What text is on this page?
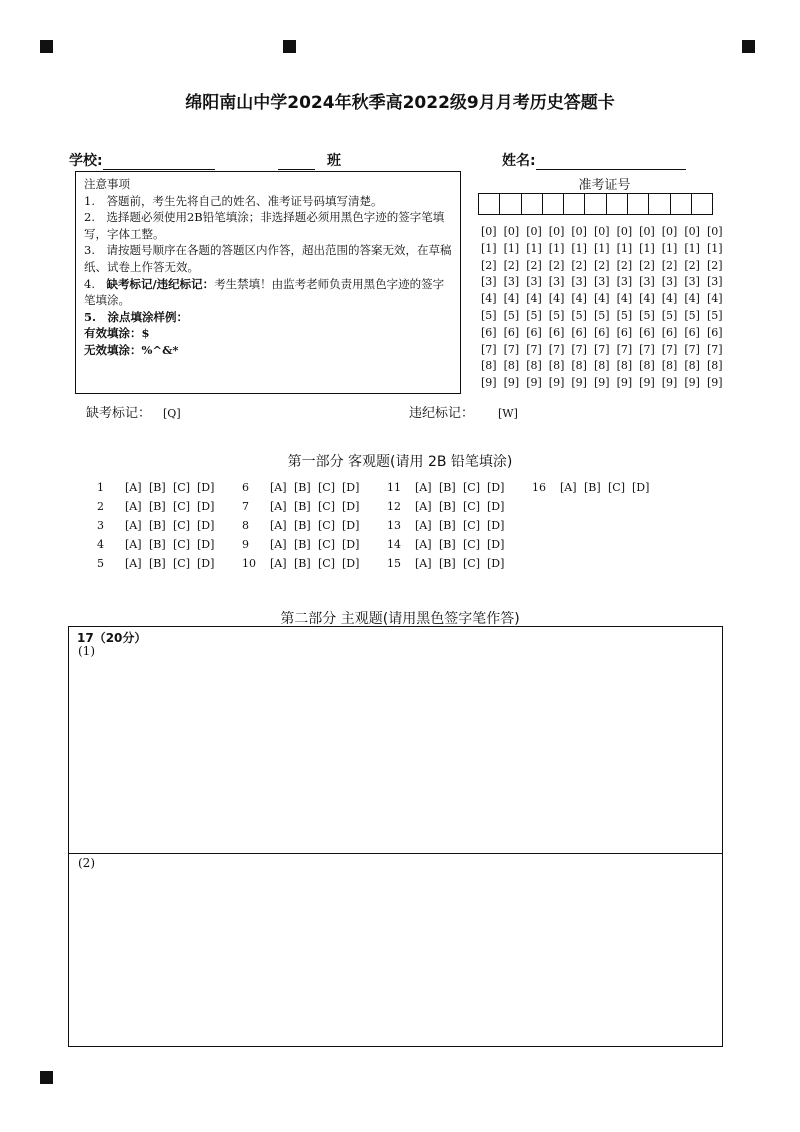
绵阳南山中学2024年秋季高2022级9月月考历史答题卡
学校:	班	姓名:

注意事项

1.　答题前，考生先将自己的姓名、准考证号码填写清楚。

2.　选择题必须使用2B铅笔填涂；非选择题必须用黑色字迹的签字笔填写，字体工整。

3.　请按题号顺序在各题的答题区内作答，超出范围的答案无效，在草稿纸、试卷上作答无效。

4.　缺考标记/违纪标记：考生禁填！由监考老师负责用黑色字迹的签字笔填涂。

5.　涂点填涂样例：

有效填涂：$

无效填涂：%^&*

准考证号
[0] [0] [0] [0] [0] [0] [0] [0] [0] [0] [0]
[1] [1] [1] [1] [1] [1] [1] [1] [1] [1] [1]
[2] [2] [2] [2] [2] [2] [2] [2] [2] [2] [2]
[3] [3] [3] [3] [3] [3] [3] [3] [3] [3] [3]
[4] [4] [4] [4] [4] [4] [4] [4] [4] [4] [4]
[5] [5] [5] [5] [5] [5] [5] [5] [5] [5] [5]
[6] [6] [6] [6] [6] [6] [6] [6] [6] [6] [6]
[7] [7] [7] [7] [7] [7] [7] [7] [7] [7] [7]
[8] [8] [8] [8] [8] [8] [8] [8] [8] [8] [8]
[9] [9] [9] [9] [9] [9] [9] [9] [9] [9] [9]
缺考标记： [Q]	违纪标记： [W]
第一部分 客观题(请用 2B 铅笔填涂)
1 [A] [B] [C] [D]
2 [A] [B] [C] [D]
3 [A] [B] [C] [D]
4 [A] [B] [C] [D]
5 [A] [B] [C] [D]
6 [A] [B] [C] [D]
7 [A] [B] [C] [D]
8 [A] [B] [C] [D]
9 [A] [B] [C] [D]
10 [A] [B] [C] [D]
11 [A] [B] [C] [D]
12 [A] [B] [C] [D]
13 [A] [B] [C] [D]
14 [A] [B] [C] [D]
15 [A] [B] [C] [D]
16 [A] [B] [C] [D]
第二部分 主观题(请用黑色签字笔作答)
17（20分）
(1)
(2)
